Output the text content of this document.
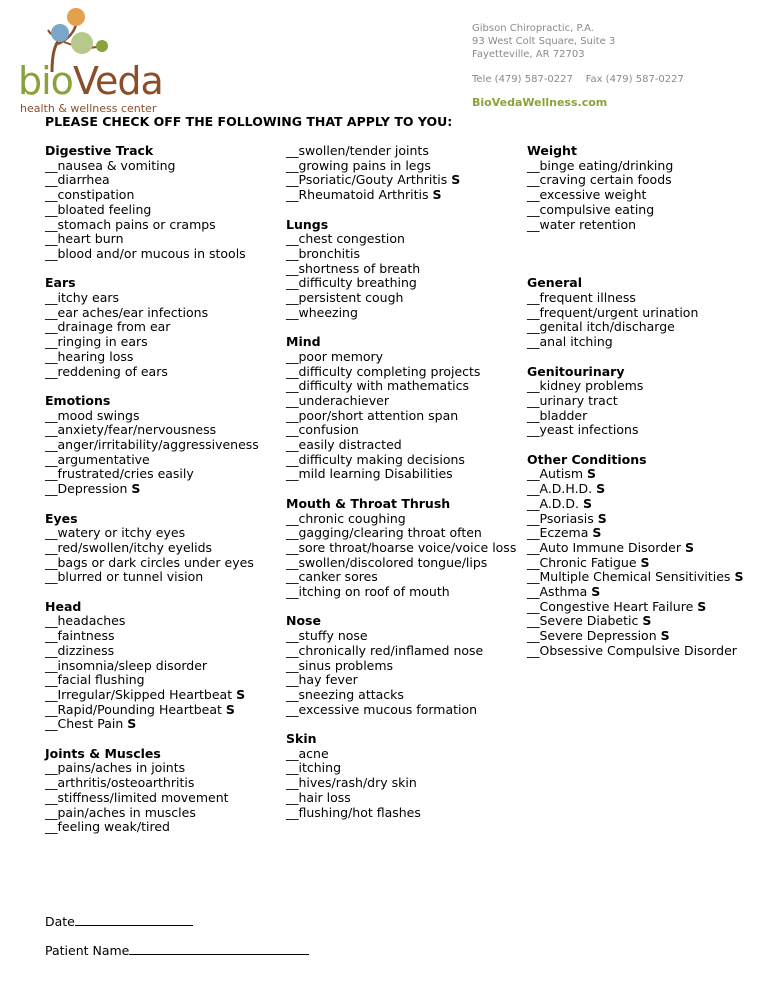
bioVeda
health & wellness center
Gibson Chiropractic, P.A.
93 West Colt Square, Suite 3
Fayetteville, AR 72703
Tele (479) 587-0227 Fax (479) 587-0227
BioVedaWellness.com
PLEASE CHECK OFF THE FOLLOWING THAT APPLY TO YOU:
Digestive Track
__nausea & vomiting
__diarrhea
__constipation
__bloated feeling
__stomach pains or cramps
__heart burn
__blood and/or mucous in stools
Ears
__itchy ears
__ear aches/ear infections
__drainage from ear
__ringing in ears
__hearing loss
__reddening of ears
Emotions
__mood swings
__anxiety/fear/nervousness
__anger/irritability/aggressiveness
__argumentative
__frustrated/cries easily
__Depression S
Eyes
__watery or itchy eyes
__red/swollen/itchy eyelids
__bags or dark circles under eyes
__blurred or tunnel vision
Head
__headaches
__faintness
__dizziness
__insomnia/sleep disorder
__facial flushing
__Irregular/Skipped Heartbeat S
__Rapid/Pounding Heartbeat S
__Chest Pain S
Joints & Muscles
__pains/aches in joints
__arthritis/osteoarthritis
__stiffness/limited movement
__pain/aches in muscles
__feeling weak/tired
__swollen/tender joints
__growing pains in legs
__Psoriatic/Gouty Arthritis S
__Rheumatoid Arthritis S
Lungs
__chest congestion
__bronchitis
__shortness of breath
__difficulty breathing
__persistent cough
__wheezing
Mind
__poor memory
__difficulty completing projects
__difficulty with mathematics
__underachiever
__poor/short attention span
__confusion
__easily distracted
__difficulty making decisions
__mild learning Disabilities
Mouth & Throat Thrush
__chronic coughing
__gagging/clearing throat often
__sore throat/hoarse voice/voice loss
__swollen/discolored tongue/lips
__canker sores
__itching on roof of mouth
Nose
__stuffy nose
__chronically red/inflamed nose
__sinus problems
__hay fever
__sneezing attacks
__excessive mucous formation
Skin
__acne
__itching
__hives/rash/dry skin
__hair loss
__flushing/hot flashes
Weight
__binge eating/drinking
__craving certain foods
__excessive weight
__compulsive eating
__water retention
General
__frequent illness
__frequent/urgent urination
__genital itch/discharge
__anal itching
Genitourinary
__kidney problems
__urinary tract
__bladder
__yeast infections
Other Conditions
__Autism S
__A.D.H.D. S
__A.D.D. S
__Psoriasis S
__Eczema S
__Auto Immune Disorder S
__Chronic Fatigue S
__Multiple Chemical Sensitivities S
__Asthma S
__Congestive Heart Failure S
__Severe Diabetic S
__Severe Depression S
__Obsessive Compulsive Disorder
Date
Patient Name
